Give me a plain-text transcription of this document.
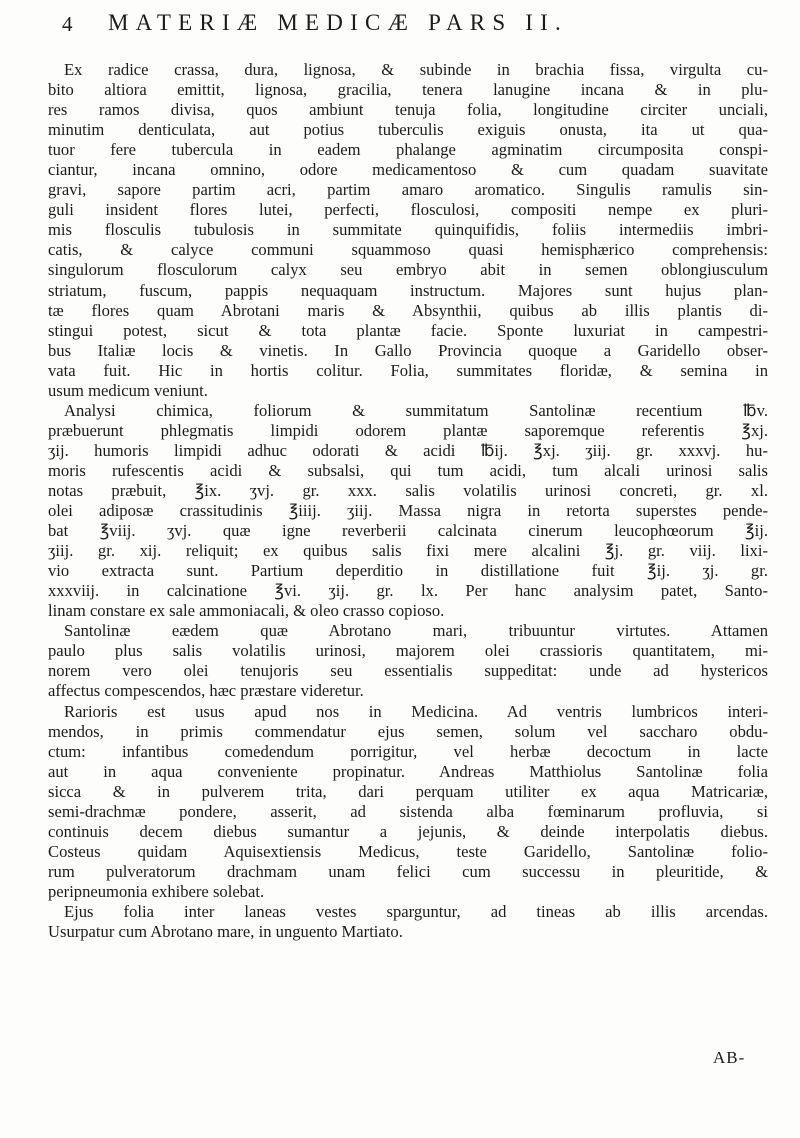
4 MATERIÆ MEDICÆ PARS II.

Ex radice crassa, dura, lignosa, & subinde in brachia fissa, virgulta cu-

bito altiora emittit, lignosa, gracilia, tenera lanugine incana & in plu-

res ramos divisa, quos ambiunt tenuja folia, longitudine circiter unciali,

minutim denticulata, aut potius tuberculis exiguis onusta, ita ut qua-

tuor fere tubercula in eadem phalange agminatim circumposita conspi-

ciantur, incana omnino, odore medicamentoso & cum quadam suavitate

gravi, sapore partim acri, partim amaro aromatico. Singulis ramulis sin-

guli insident flores lutei, perfecti, flosculosi, compositi nempe ex pluri-

mis flosculis tubulosis in summitate quinquifidis, foliis intermediis imbri-

catis, & calyce communi squammoso quasi hemisphærico comprehensis:

singulorum flosculorum calyx seu embryo abit in semen oblongiusculum

striatum, fuscum, pappis nequaquam instructum. Majores sunt hujus plan-

tæ flores quam Abrotani maris & Absynthii, quibus ab illis plantis di-

stingui potest, sicut & tota plantæ facie. Sponte luxuriat in campestri-

bus Italiæ locis & vinetis. In Gallo Provincia quoque a Garidello obser-

vata fuit. Hic in hortis colitur. Folia, summitates floridæ, & semina in

usum medicum veniunt.

Analysi chimica, foliorum & summitatum Santolinæ recentium ℔v.

præbuerunt phlegmatis limpidi odorem plantæ saporemque referentis ℥xj.

ʒij. humoris limpidi adhuc odorati & acidi ℔ij. ℥xj. ʒiij. gr. xxxvj. hu-

moris rufescentis acidi & subsalsi, qui tum acidi, tum alcali urinosi salis

notas præbuit, ℥ix. ʒvj. gr. xxx. salis volatilis urinosi concreti, gr. xl.

olei adiposæ crassitudinis ℥iiij. ʒiij. Massa nigra in retorta superstes pende-

bat ℥viij. ʒvj. quæ igne reverberii calcinata cinerum leucophœorum ℥ij.

ʒiij. gr. xij. reliquit; ex quibus salis fixi mere alcalini ℥j. gr. viij. lixi-

vio extracta sunt. Partium deperditio in distillatione fuit ℥ij. ʒj. gr.

xxxviij. in calcinatione ℥vi. ʒij. gr. lx. Per hanc analysim patet, Santo-

linam constare ex sale ammoniacali, & oleo crasso copioso.

Santolinæ eædem quæ Abrotano mari, tribuuntur virtutes. Attamen

paulo plus salis volatilis urinosi, majorem olei crassioris quantitatem, mi-

norem vero olei tenujoris seu essentialis suppeditat: unde ad hystericos

affectus compescendos, hæc præstare videretur.

Rarioris est usus apud nos in Medicina. Ad ventris lumbricos interi-

mendos, in primis commendatur ejus semen, solum vel saccharo obdu-

ctum: infantibus comedendum porrigitur, vel herbæ decoctum in lacte

aut in aqua conveniente propinatur. Andreas Matthiolus Santolinæ folia

sicca & in pulverem trita, dari perquam utiliter ex aqua Matricariæ,

semi-drachmæ pondere, asserit, ad sistenda alba fœminarum profluvia, si

continuis decem diebus sumantur a jejunis, & deinde interpolatis diebus.

Costeus quidam Aquisextiensis Medicus, teste Garidello, Santolinæ folio-

rum pulveratorum drachmam unam felici cum successu in pleuritide, &

peripneumonia exhibere solebat.

Ejus folia inter laneas vestes sparguntur, ad tineas ab illis arcendas.

Usurpatur cum Abrotano mare, in unguento Martiato.

AB-
